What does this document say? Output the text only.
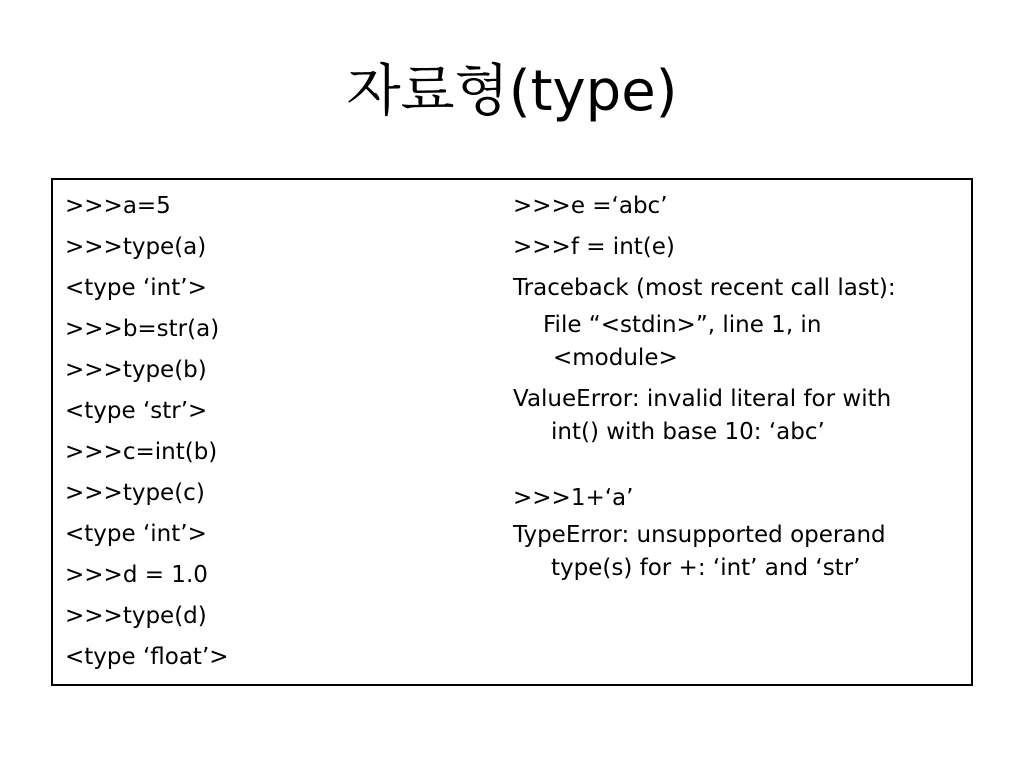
자료형(type)
>>>a=5
>>>type(a)
<type ‘int’>
>>>b=str(a)
>>>type(b)
<type ‘str’>
>>>c=int(b)
>>>type(c)
<type ‘int’>
>>>d = 1.0
>>>type(d)
<type ‘float’>
>>>e =‘abc’
>>>f = int(e)
Traceback (most recent call last):
File “<stdin>”, line 1, in
<module>
ValueError: invalid literal for with
int() with base 10: ‘abc’
>>>1+‘a’
TypeError: unsupported operand
type(s) for +: ‘int’ and ‘str’
